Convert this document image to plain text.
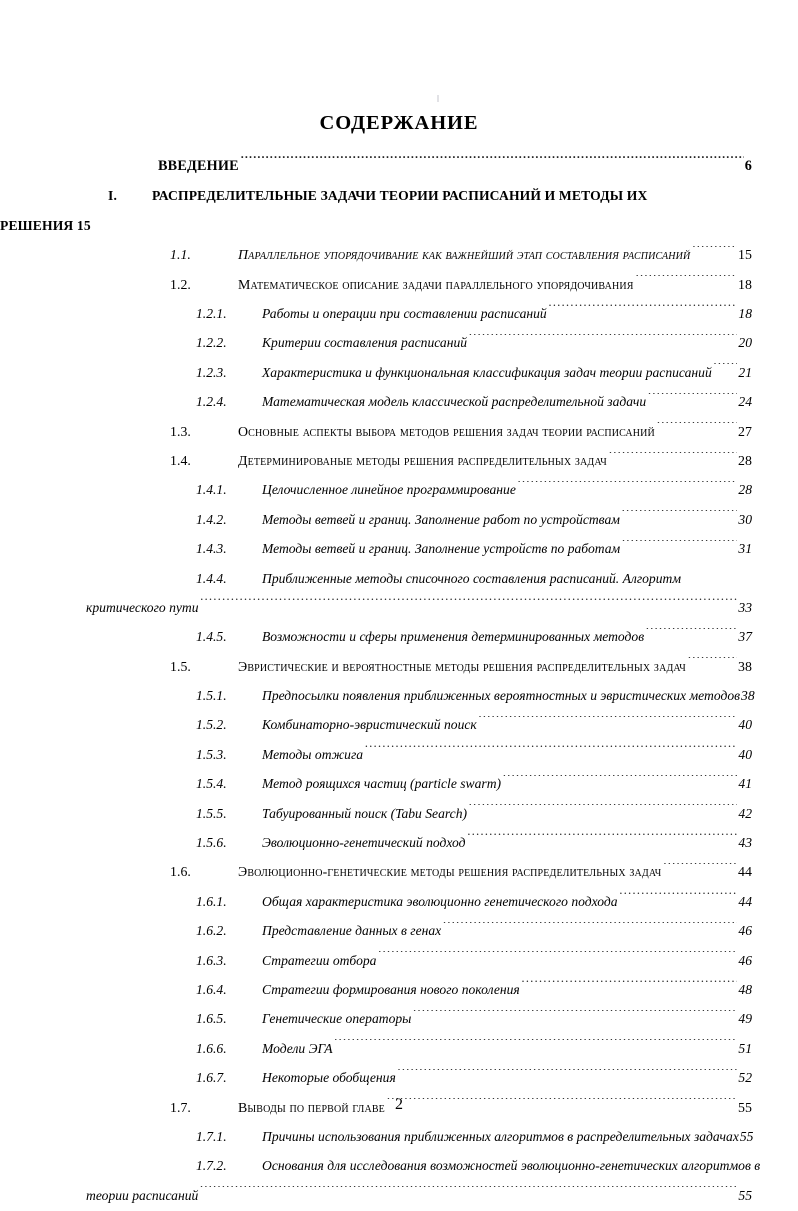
СОДЕРЖАНИЕ
ВВЕДЕНИЕ .....	6
I.	РАСПРЕДЕЛИТЕЛЬНЫЕ ЗАДАЧИ ТЕОРИИ РАСПИСАНИЙ И МЕТОДЫ ИХ
РЕШЕНИЯ 15
1.1.	Параллельное упорядочивание как важнейший этап составления расписаний .....	15
1.2.	Математическое описание задачи параллельного упорядочивания .....	18
1.2.1.	Работы и операции при составлении расписаний .....	18
1.2.2.	Критерии составления расписаний .....	20
1.2.3.	Характеристика и функциональная классификация задач теории расписаний ..... 21
1.2.4.	Математическая модель классической распределительной задачи .....	24
1.3.	Основные аспекты выбора методов решения задач теории расписаний .....	27
1.4.	Детерминированые методы решения распределительных задач .....	28
1.4.1.	Целочисленное линейное программирование .....	28
1.4.2.	Методы ветвей и границ. Заполнение работ по устройствам .....	30
1.4.3.	Методы ветвей и границ. Заполнение устройств по работам .....	31
1.4.4.	Приближенные методы списочного составления расписаний. Алгоритм
критического пути .....	33
1.4.5.	Возможности и сферы применения детерминированных методов .....	37
1.5.	Эвристические и вероятностные методы решения распределительных задач .....	38
1.5.1.	Предпосылки появления приближенных вероятностных и эвристических методов 38
1.5.2.	Комбинаторно-эвристический поиск .....	40
1.5.3.	Методы отжига .....	40
1.5.4.	Метод роящихся частиц (particle swarm) .....	41
1.5.5.	Табуированный поиск (Tabu Search) .....	42
1.5.6.	Эволюционно-генетический подход .....	43
1.6.	Эволюционно-генетические методы решения распределительных задач .....	44
1.6.1.	Общая характеристика эволюционно генетического подхода .....	44
1.6.2.	Представление данных в генах .....	46
1.6.3.	Стратегии отбора .....	46
1.6.4.	Стратегии формирования нового поколения .....	48
1.6.5.	Генетические операторы .....	49
1.6.6.	Модели ЭГА .....	51
1.6.7.	Некоторые обобщения .....	52
1.7.	Выводы по первой главе .....	55
1.7.1.	Причины использования приближенных алгоритмов в распределительных задачах 55
1.7.2.	Основания для исследования возможностей эволюционно-генетических алгоритмов в
теории расписаний .....	55
2
